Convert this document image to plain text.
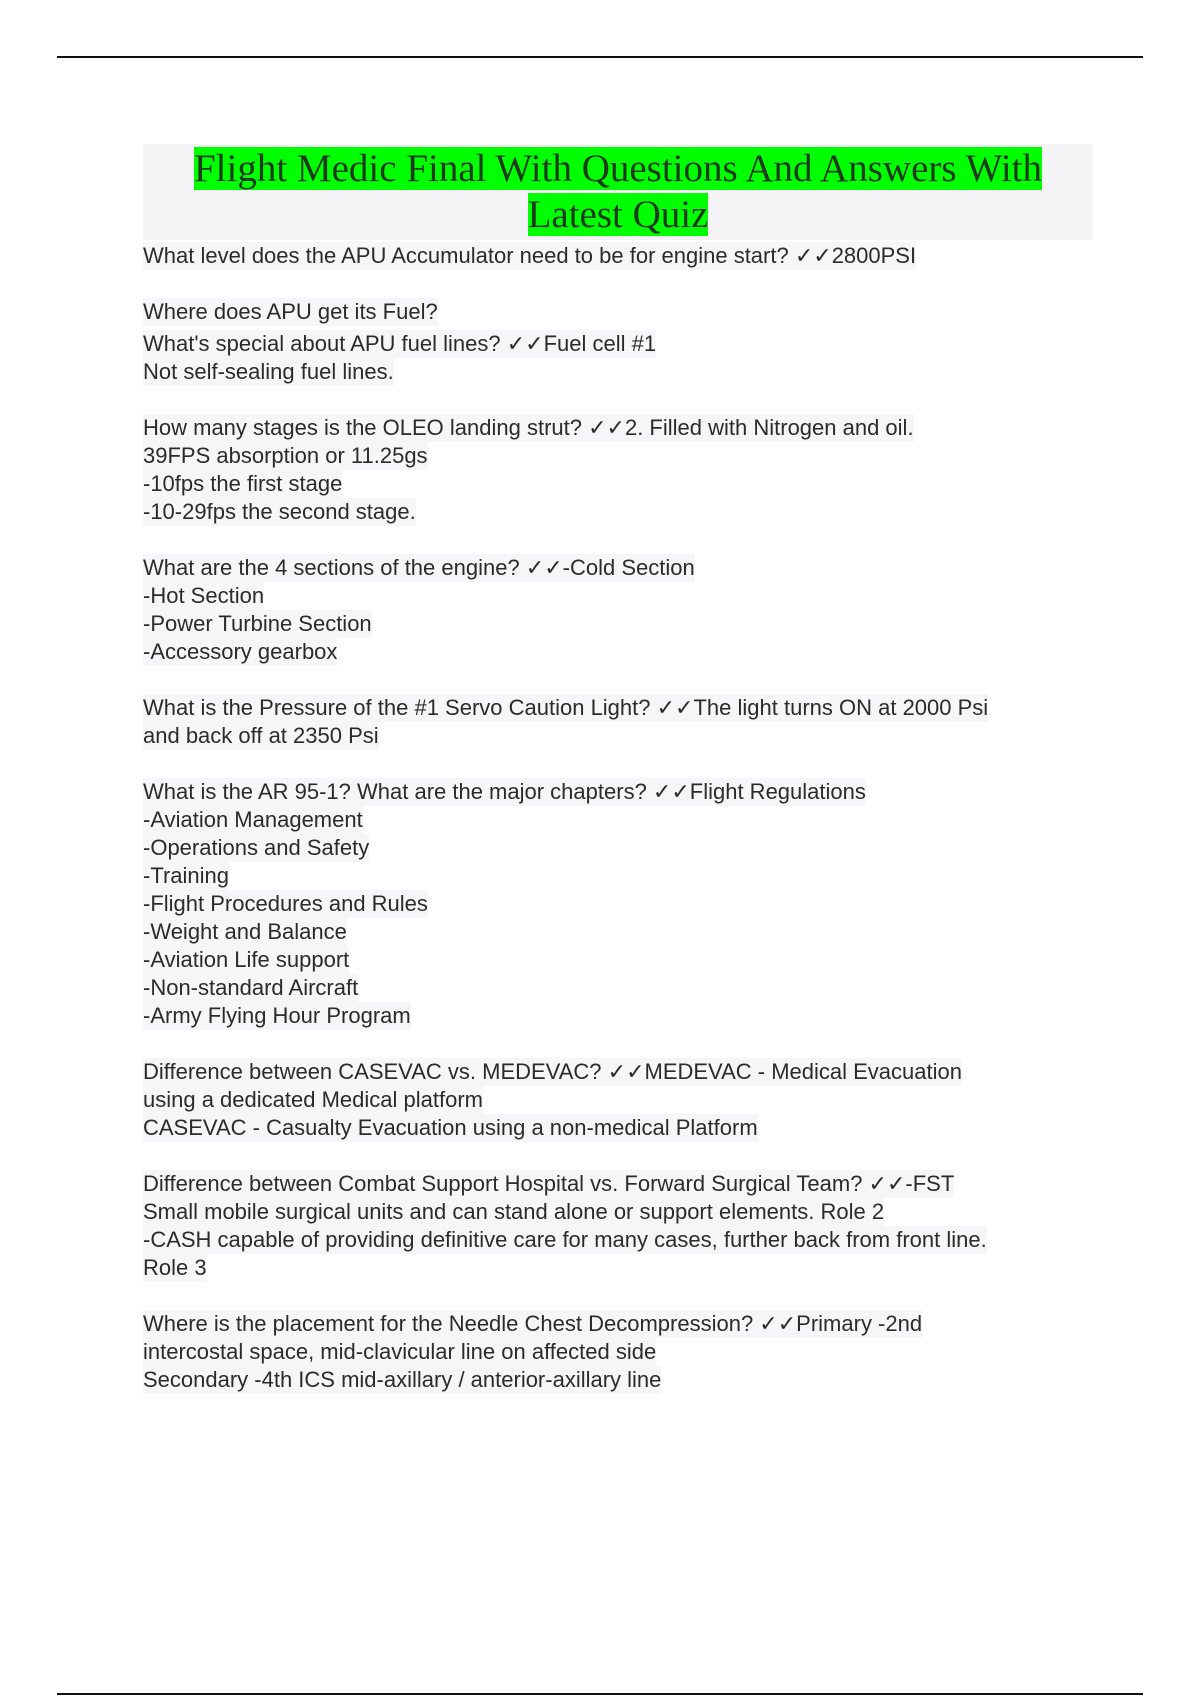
Flight Medic Final With Questions And Answers With Latest Quiz
What level does the APU Accumulator need to be for engine start? ✓✓2800PSI
Where does APU get its Fuel?
What's special about APU fuel lines? ✓✓Fuel cell #1
Not self-sealing fuel lines.
How many stages is the OLEO landing strut? ✓✓2. Filled with Nitrogen and oil.
39FPS absorption or 11.25gs
-10fps the first stage
-10-29fps the second stage.
What are the 4 sections of the engine? ✓✓-Cold Section
-Hot Section
-Power Turbine Section
-Accessory gearbox
What is the Pressure of the #1 Servo Caution Light? ✓✓The light turns ON at 2000 Psi
and back off at 2350 Psi
What is the AR 95-1? What are the major chapters? ✓✓Flight Regulations
-Aviation Management
-Operations and Safety
-Training
-Flight Procedures and Rules
-Weight and Balance
-Aviation Life support
-Non-standard Aircraft
-Army Flying Hour Program
Difference between CASEVAC vs. MEDEVAC? ✓✓MEDEVAC - Medical Evacuation
using a dedicated Medical platform
CASEVAC - Casualty Evacuation using a non-medical Platform
Difference between Combat Support Hospital vs. Forward Surgical Team? ✓✓-FST
Small mobile surgical units and can stand alone or support elements. Role 2
-CASH capable of providing definitive care for many cases, further back from front line.
Role 3
Where is the placement for the Needle Chest Decompression? ✓✓Primary -2nd
intercostal space, mid-clavicular line on affected side
Secondary -4th ICS mid-axillary / anterior-axillary line
